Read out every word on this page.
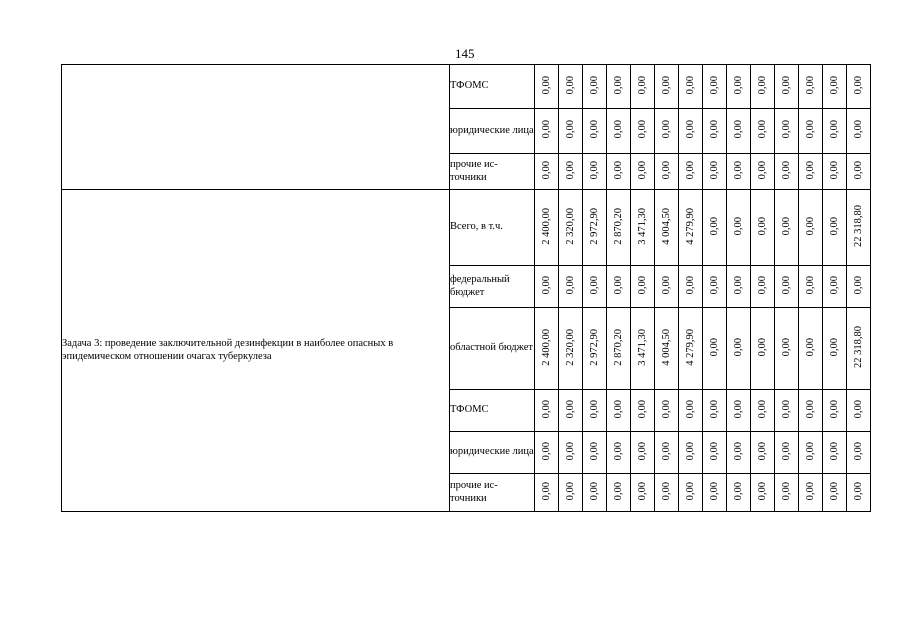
145
	ТФОМС	0,00	0,00	0,00	0,00	0,00	0,00	0,00	0,00	0,00	0,00	0,00	0,00	0,00	0,00
	юридические лица	0,00	0,00	0,00	0,00	0,00	0,00	0,00	0,00	0,00	0,00	0,00	0,00	0,00	0,00
	прочие ис-точники	0,00	0,00	0,00	0,00	0,00	0,00	0,00	0,00	0,00	0,00	0,00	0,00	0,00	0,00
Задача 3: проведение заключительной дезинфекции в наиболее опасных в эпидемическом отношении очагах туберкулеза	Всего, в т.ч.	2 400,00	2 320,00	2 972,90	2 870,20	3 471,30	4 004,50	4 279,90	0,00	0,00	0,00	0,00	0,00	0,00	22 318,80
	федеральный бюджет	0,00	0,00	0,00	0,00	0,00	0,00	0,00	0,00	0,00	0,00	0,00	0,00	0,00	0,00
	областной бюджет	2 400,00	2 320,00	2 972,90	2 870,20	3 471,30	4 004,50	4 279,90	0,00	0,00	0,00	0,00	0,00	0,00	22 318,80
	ТФОМС	0,00	0,00	0,00	0,00	0,00	0,00	0,00	0,00	0,00	0,00	0,00	0,00	0,00	0,00
	юридические лица	0,00	0,00	0,00	0,00	0,00	0,00	0,00	0,00	0,00	0,00	0,00	0,00	0,00	0,00
	прочие ис-точники	0,00	0,00	0,00	0,00	0,00	0,00	0,00	0,00	0,00	0,00	0,00	0,00	0,00	0,00
